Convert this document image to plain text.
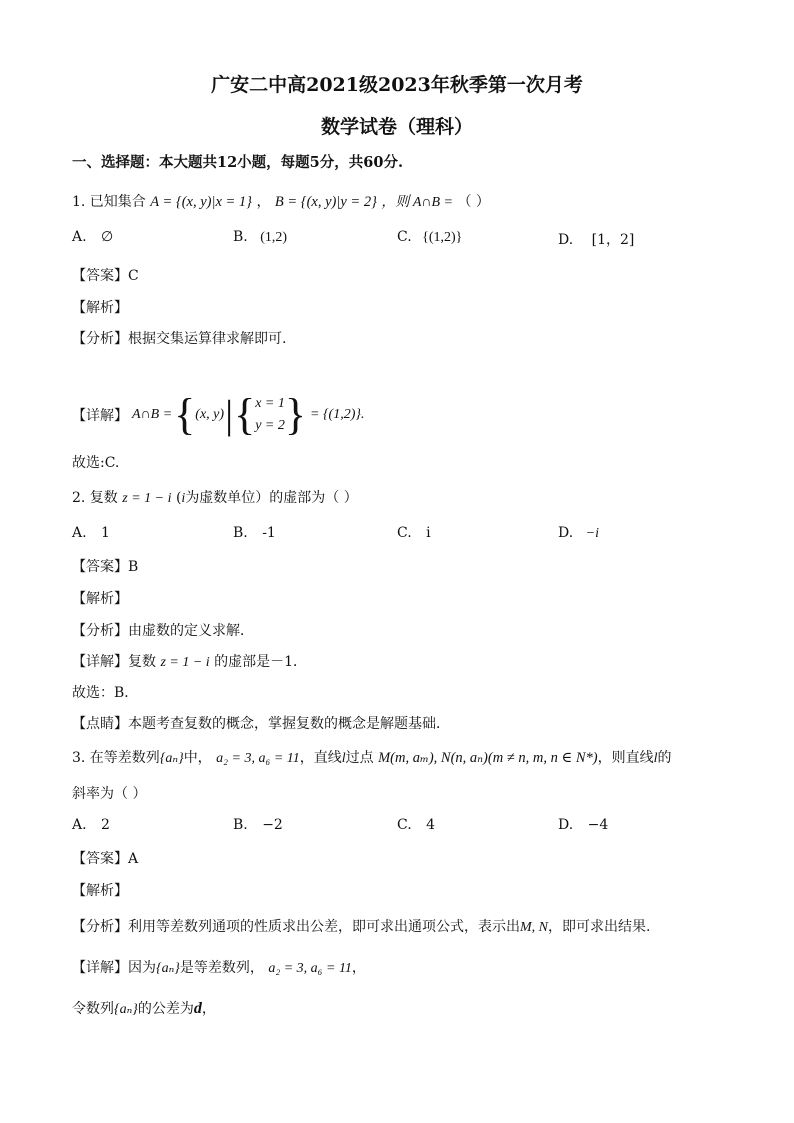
广安二中高2021级2023年秋季第一次月考
数学试卷（理科）
一、选择题：本大题共12小题，每题5分，共60分.
1. 已知集合 A = {(x, y)|x = 1} ， B = {(x, y)|y = 2} ，则 A∩B = （ ）
A. ∅	B. (1,2)	C. {(1,2)}	D. [1，2]
【答案】C
【解析】
【分析】根据交集运算律求解即可.
【详解】 A∩B = { (x, y) | { x = 1
y = 2 } = {(1,2)}.
故选:C.
2. 复数 z = 1 − i (i为虚数单位）的虚部为（ ）
A. 1	B. -1	C. i	D. −i
【答案】B
【解析】
【分析】由虚数的定义求解．
【详解】复数 z = 1 − i 的虚部是－1．
故选：B．
【点睛】本题考查复数的概念，掌握复数的概念是解题基础．
3. 在等差数列{aₙ}中， a₂ = 3, a₆ = 11，直线l过点 M(m, aₘ), N(n, aₙ)(m ≠ n, m, n ∈ N*)，则直线l的
斜率为（ ）
A. 2	B. −2	C. 4	D. −4
【答案】A
【解析】
【分析】利用等差数列通项的性质求出公差，即可求出通项公式，表示出M, N，即可求出结果.
【详解】因为{aₙ}是等差数列， a₂ = 3, a₆ = 11，
令数列{aₙ}的公差为d，
